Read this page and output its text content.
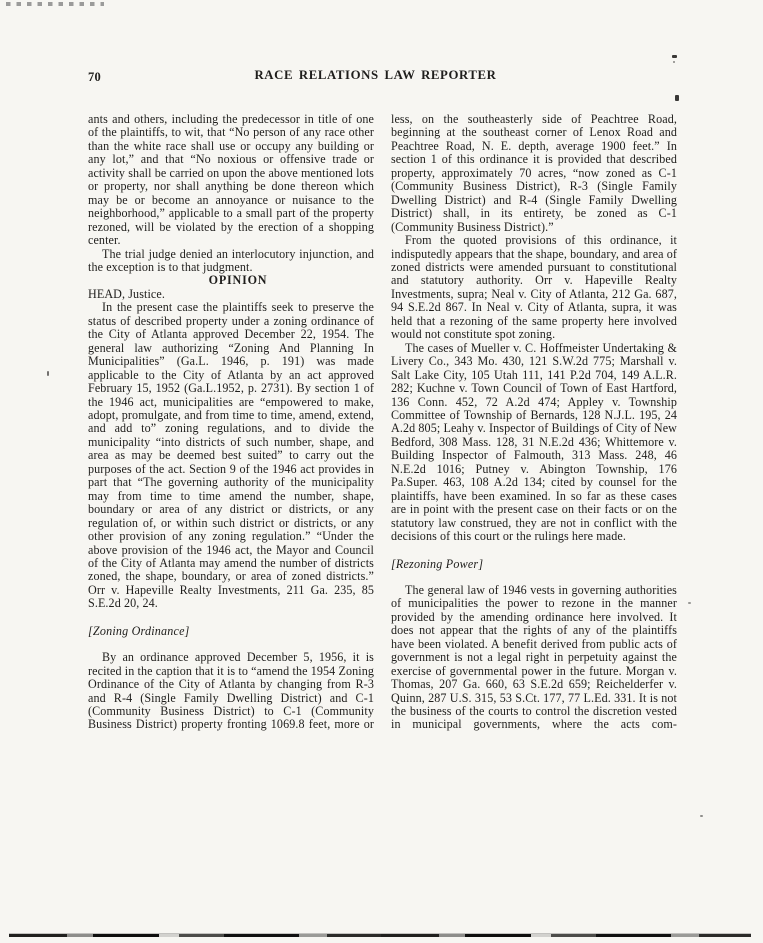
70	RACE RELATIONS LAW REPORTER

ants and others, including the predecessor in title of one of the plaintiffs, to wit, that “No person of any race other than the white race shall use or occupy any building or any lot,” and that “No noxious or offensive trade or activity shall be carried on upon the above mentioned lots or property, nor shall anything be done thereon which may be or become an annoyance or nuisance to the neighborhood,” applicable to a small part of the property rezoned, will be violated by the erection of a shopping center.

The trial judge denied an interlocutory injunction, and the exception is to that judgment.

OPINION

HEAD, Justice.

In the present case the plaintiffs seek to preserve the status of described property under a zoning ordinance of the City of Atlanta approved December 22, 1954. The general law authorizing “Zoning And Planning In Municipalities” (Ga.L. 1946, p. 191) was made applicable to the City of Atlanta by an act approved February 15, 1952 (Ga.L.1952, p. 2731). By section 1 of the 1946 act, municipalities are “empowered to make, adopt, promulgate, and from time to time, amend, extend, and add to” zoning regulations, and to divide the municipality “into districts of such number, shape, and area as may be deemed best suited” to carry out the purposes of the act. Section 9 of the 1946 act provides in part that “The governing authority of the municipality may from time to time amend the number, shape, boundary or area of any district or districts, or any regulation of, or within such district or districts, or any other provision of any zoning regulation.” “Under the above provision of the 1946 act, the Mayor and Council of the City of Atlanta may amend the number of districts zoned, the shape, boundary, or area of zoned districts.” Orr v. Hapeville Realty Investments, 211 Ga. 235, 85 S.E.2d 20, 24.

[Zoning Ordinance]

By an ordinance approved December 5, 1956, it is recited in the caption that it is to “amend the 1954 Zoning Ordinance of the City of Atlanta by changing from R-3 and R-4 (Single Family Dwelling District) and C-1 (Community Business District) to C-1 (Community Business District) property fronting 1069.8 feet, more or

less, on the southeasterly side of Peachtree Road, beginning at the southeast corner of Lenox Road and Peachtree Road, N. E. depth, average 1900 feet.” In section 1 of this ordinance it is provided that described property, approximately 70 acres, “now zoned as C-1 (Community Business District), R-3 (Single Family Dwelling District) and R-4 (Single Family Dwelling District) shall, in its entirety, be zoned as C-1 (Community Business District).”

From the quoted provisions of this ordinance, it indisputedly appears that the shape, boundary, and area of zoned districts were amended pursuant to constitutional and statutory authority. Orr v. Hapeville Realty Investments, supra; Neal v. City of Atlanta, 212 Ga. 687, 94 S.E.2d 867. In Neal v. City of Atlanta, supra, it was held that a rezoning of the same property here involved would not constitute spot zoning.

The cases of Mueller v. C. Hoffmeister Undertaking & Livery Co., 343 Mo. 430, 121 S.W.2d 775; Marshall v. Salt Lake City, 105 Utah 111, 141 P.2d 704, 149 A.L.R. 282; Kuchne v. Town Council of Town of East Hartford, 136 Conn. 452, 72 A.2d 474; Appley v. Township Committee of Township of Bernards, 128 N.J.L. 195, 24 A.2d 805; Leahy v. Inspector of Buildings of City of New Bedford, 308 Mass. 128, 31 N.E.2d 436; Whittemore v. Building Inspector of Falmouth, 313 Mass. 248, 46 N.E.2d 1016; Putney v. Abington Township, 176 Pa.Super. 463, 108 A.2d 134; cited by counsel for the plaintiffs, have been examined. In so far as these cases are in point with the present case on their facts or on the statutory law construed, they are not in conflict with the decisions of this court or the rulings here made.

[Rezoning Power]

The general law of 1946 vests in governing authorities of municipalities the power to rezone in the manner provided by the amending ordinance here involved. It does not appear that the rights of any of the plaintiffs have been violated. A benefit derived from public acts of government is not a legal right in perpetuity against the exercise of governmental power in the future. Morgan v. Thomas, 207 Ga. 660, 63 S.E.2d 659; Reichelderfer v. Quinn, 287 U.S. 315, 53 S.Ct. 177, 77 L.Ed. 331. It is not the business of the courts to control the discretion vested in municipal governments, where the acts com-
